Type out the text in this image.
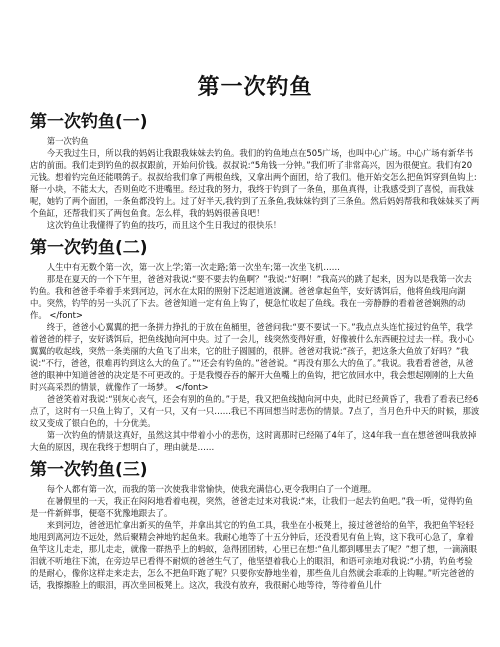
第一次钓鱼
第一次钓鱼(一)

第一次钓鱼

今天我过生日，所以我的妈妈让我跟我妹妹去钓鱼。我们的钓鱼地点在505广场，也叫中心广场。中心广场有新华书店的前面。我们走到钓鱼的叔叔跟前，开始问价钱。叔叔说:“5角钱一分钟。”我们听了非常高兴，因为很便宜。我们有20元钱。想着钓完鱼还能喂鸽子。叔叔给我们拿了两根鱼线，又拿出两个面团，给了我们。他开始交怎么把鱼饵穿到鱼钩上:掰一小块，不能太大，否则鱼吃不进嘴里。经过我的努力，我终于钓到了一条鱼，那鱼真得，让我感受到了喜悦，而我妹呢，她钓了两个面团，一条鱼都没钓上。过了好半天,我钓到了五条鱼,我妹妹钓到了三条鱼。然后妈妈帮我和我妹妹买了两个鱼缸，还帮我们买了两包鱼食。怎么样，我的妈妈很善良吧！

这次钓鱼让我懂得了钓鱼的技巧，而且这个生日我过的很快乐！

第一次钓鱼(二)

人生中有无数个第一次，第一次上学;第一次走路;第一次坐车;第一次坐飞机……

那是在夏天的一个下午里，爸爸对我说:“要不要去钓鱼啊？”我说:“好啊！”我高兴的跳了起来，因为以是我第一次去钓鱼。我和爸爸手牵着手来到河边，河水在太阳的照射下泛起道道波澜。爸爸拿起鱼竿，安好诱饵后，他将鱼线甩向湖中。突然，钓竿的另一头沉了下去。爸爸知道一定有鱼上钩了，便急忙收起了鱼线。我在一旁静静的看着爸爸娴熟的动作。 </font>

终于，爸爸小心翼翼的把一条拼力挣扎的于放在鱼桶里，爸爸问我:“要不要试一下。”我点点头连忙接过钓鱼竿，我学着爸爸的样子，安好诱饵后，把鱼线抛向河中央。过了一会儿，线突然变得好重，好像被什么东西硬拉过去一样。我小心翼翼的收起线，突然一条美丽的大鱼飞了出来，它的肚子圆圆的，很胖。爸爸对我说:“孩子，把这条大鱼放了好吗？”我说:“不行，爸爸，很难再钓到这么大的鱼了。”“还会有钓鱼的。”爸爸说。“再没有那么大的鱼了。”我说。我看看爸爸，从爸爸的眼神中知道爸爸的决定是不可更改的。于是我慢吞吞的解开大鱼嘴上的鱼钩，把它放回水中，我会想起刚刚的上大鱼时兴高采烈的情景，就像作了一场梦。 </font>

爸爸笑着对我说:“别灰心丧气，还会有别的鱼的。”于是，我又把鱼线抛向河中央，此时已经黄昏了，我看了看表已经6点了，这时有一只鱼上钩了，又有一只，又有一只……我已不再回想当时悲伤的情景。7点了，当月色升中天的时候，那波纹又变成了银白色的，十分优美。

第一次钓鱼的情景这真好，虽然这其中带着小小的悲伤，这时离那时已经隔了4年了，这4年我一直在想爸爸叫我放掉大鱼的原因，现在我终于想明白了，理由就是……

第一次钓鱼(三)

每个人都有第一次，而我的第一次使我非常愉快，使我充满信心,更令我明白了一个道理。

在暑假里的一天，我正在闷闷地看着电视，突然，爸爸走过来对我说:“来，让我们一起去钓鱼吧。”我一听，觉得钓鱼是一件新鲜事，便毫不犹豫地跟去了。

来到河边，爸爸迅忙拿出新买的鱼竿，并拿出其它的钓鱼工具，我坐在小板凳上，接过爸爸给的鱼竿，我把鱼竿轻轻地甩到离河边不远处，然后聚精会神地钓起鱼来。我耐心地等了十五分钟后，还没看见有鱼上钩，这下我可心急了，拿着鱼竿这儿走走，那儿走走，就像一群热乎上的蚂蚁，急得团团转，心里已在想:“鱼儿都到哪里去了呢？”想了想，一滴滴眼泪就不听地往下流，在旁边早已看得不耐烦的爸爸生气了，他坚望着我心上的眼泪，和语可亲地对我说:“小猜，钓鱼考验的是耐心，像你这样走来走去，怎么不把鱼吓跑了呢？只要你安静地坐着，那些鱼儿自然就会乖乖的上钩喔。”听完爸爸的话，我擦擦脸上的眼泪，再次坐回板凳上。这次，我没有放弃，我很耐心地等待，等待着鱼儿什
